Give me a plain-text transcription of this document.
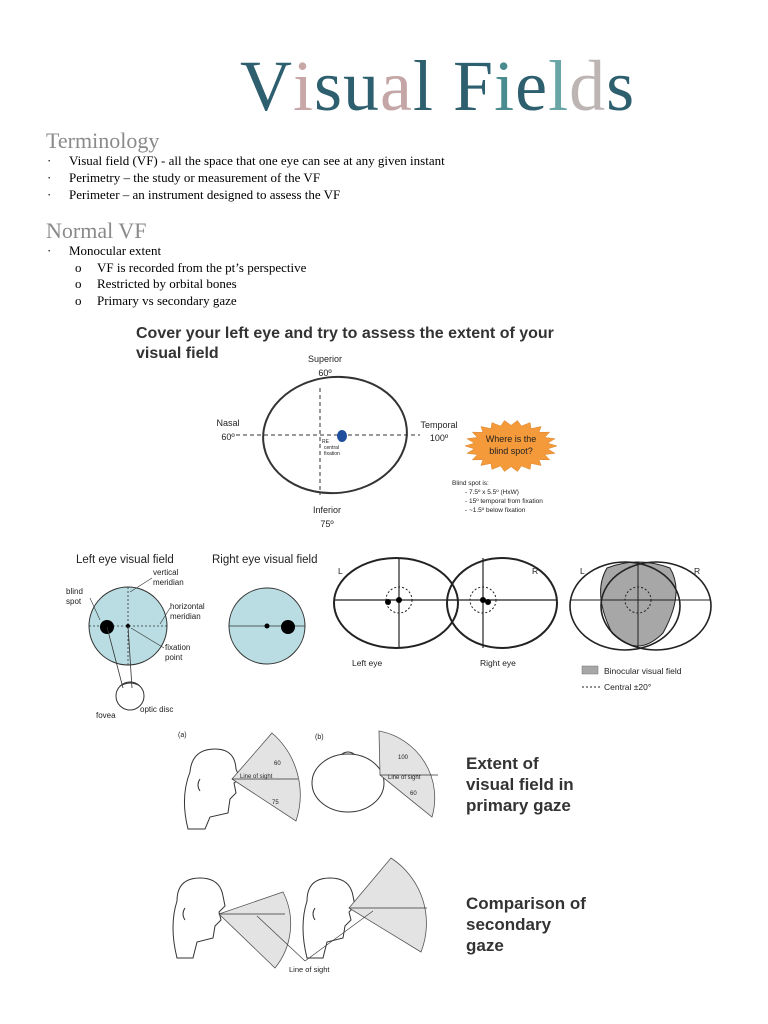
Visual Fields
Terminology
·	Visual field (VF) - all the space that one eye can see at any given instant
·	Perimetry – the study or measurement of the VF
·	Perimeter – an instrument designed to assess the VF
Normal VF
·	Monocular extent
o	VF is recorded from the pt’s perspective
o	Restricted by orbital bones
o	Primary vs secondary gaze
Cover your left eye and try to assess the extent of your visual field	Superior
60º
Nasal
60º
Temporal
100º
Inferior
75º
RE
central
fixation
Where is the
blind spot?
Blind spot is:
- 7.5º x 5.5º (HxW)
- 15º temporal from fixation
- ~1.5º below fixation
Left eye visual field	Right eye visual field
blind
spot
vertical
meridian
horizontal
meridian
fixation
point
optic disc
fovea
L	R
Left eye	Right eye
L	R
Binocular visual field
Central ±20°
(a)	(b)
60
Line of sight
75
100
Line of sight
60
Extent of
visual field in
primary gaze
Line of sight
Comparison of
secondary
gaze
